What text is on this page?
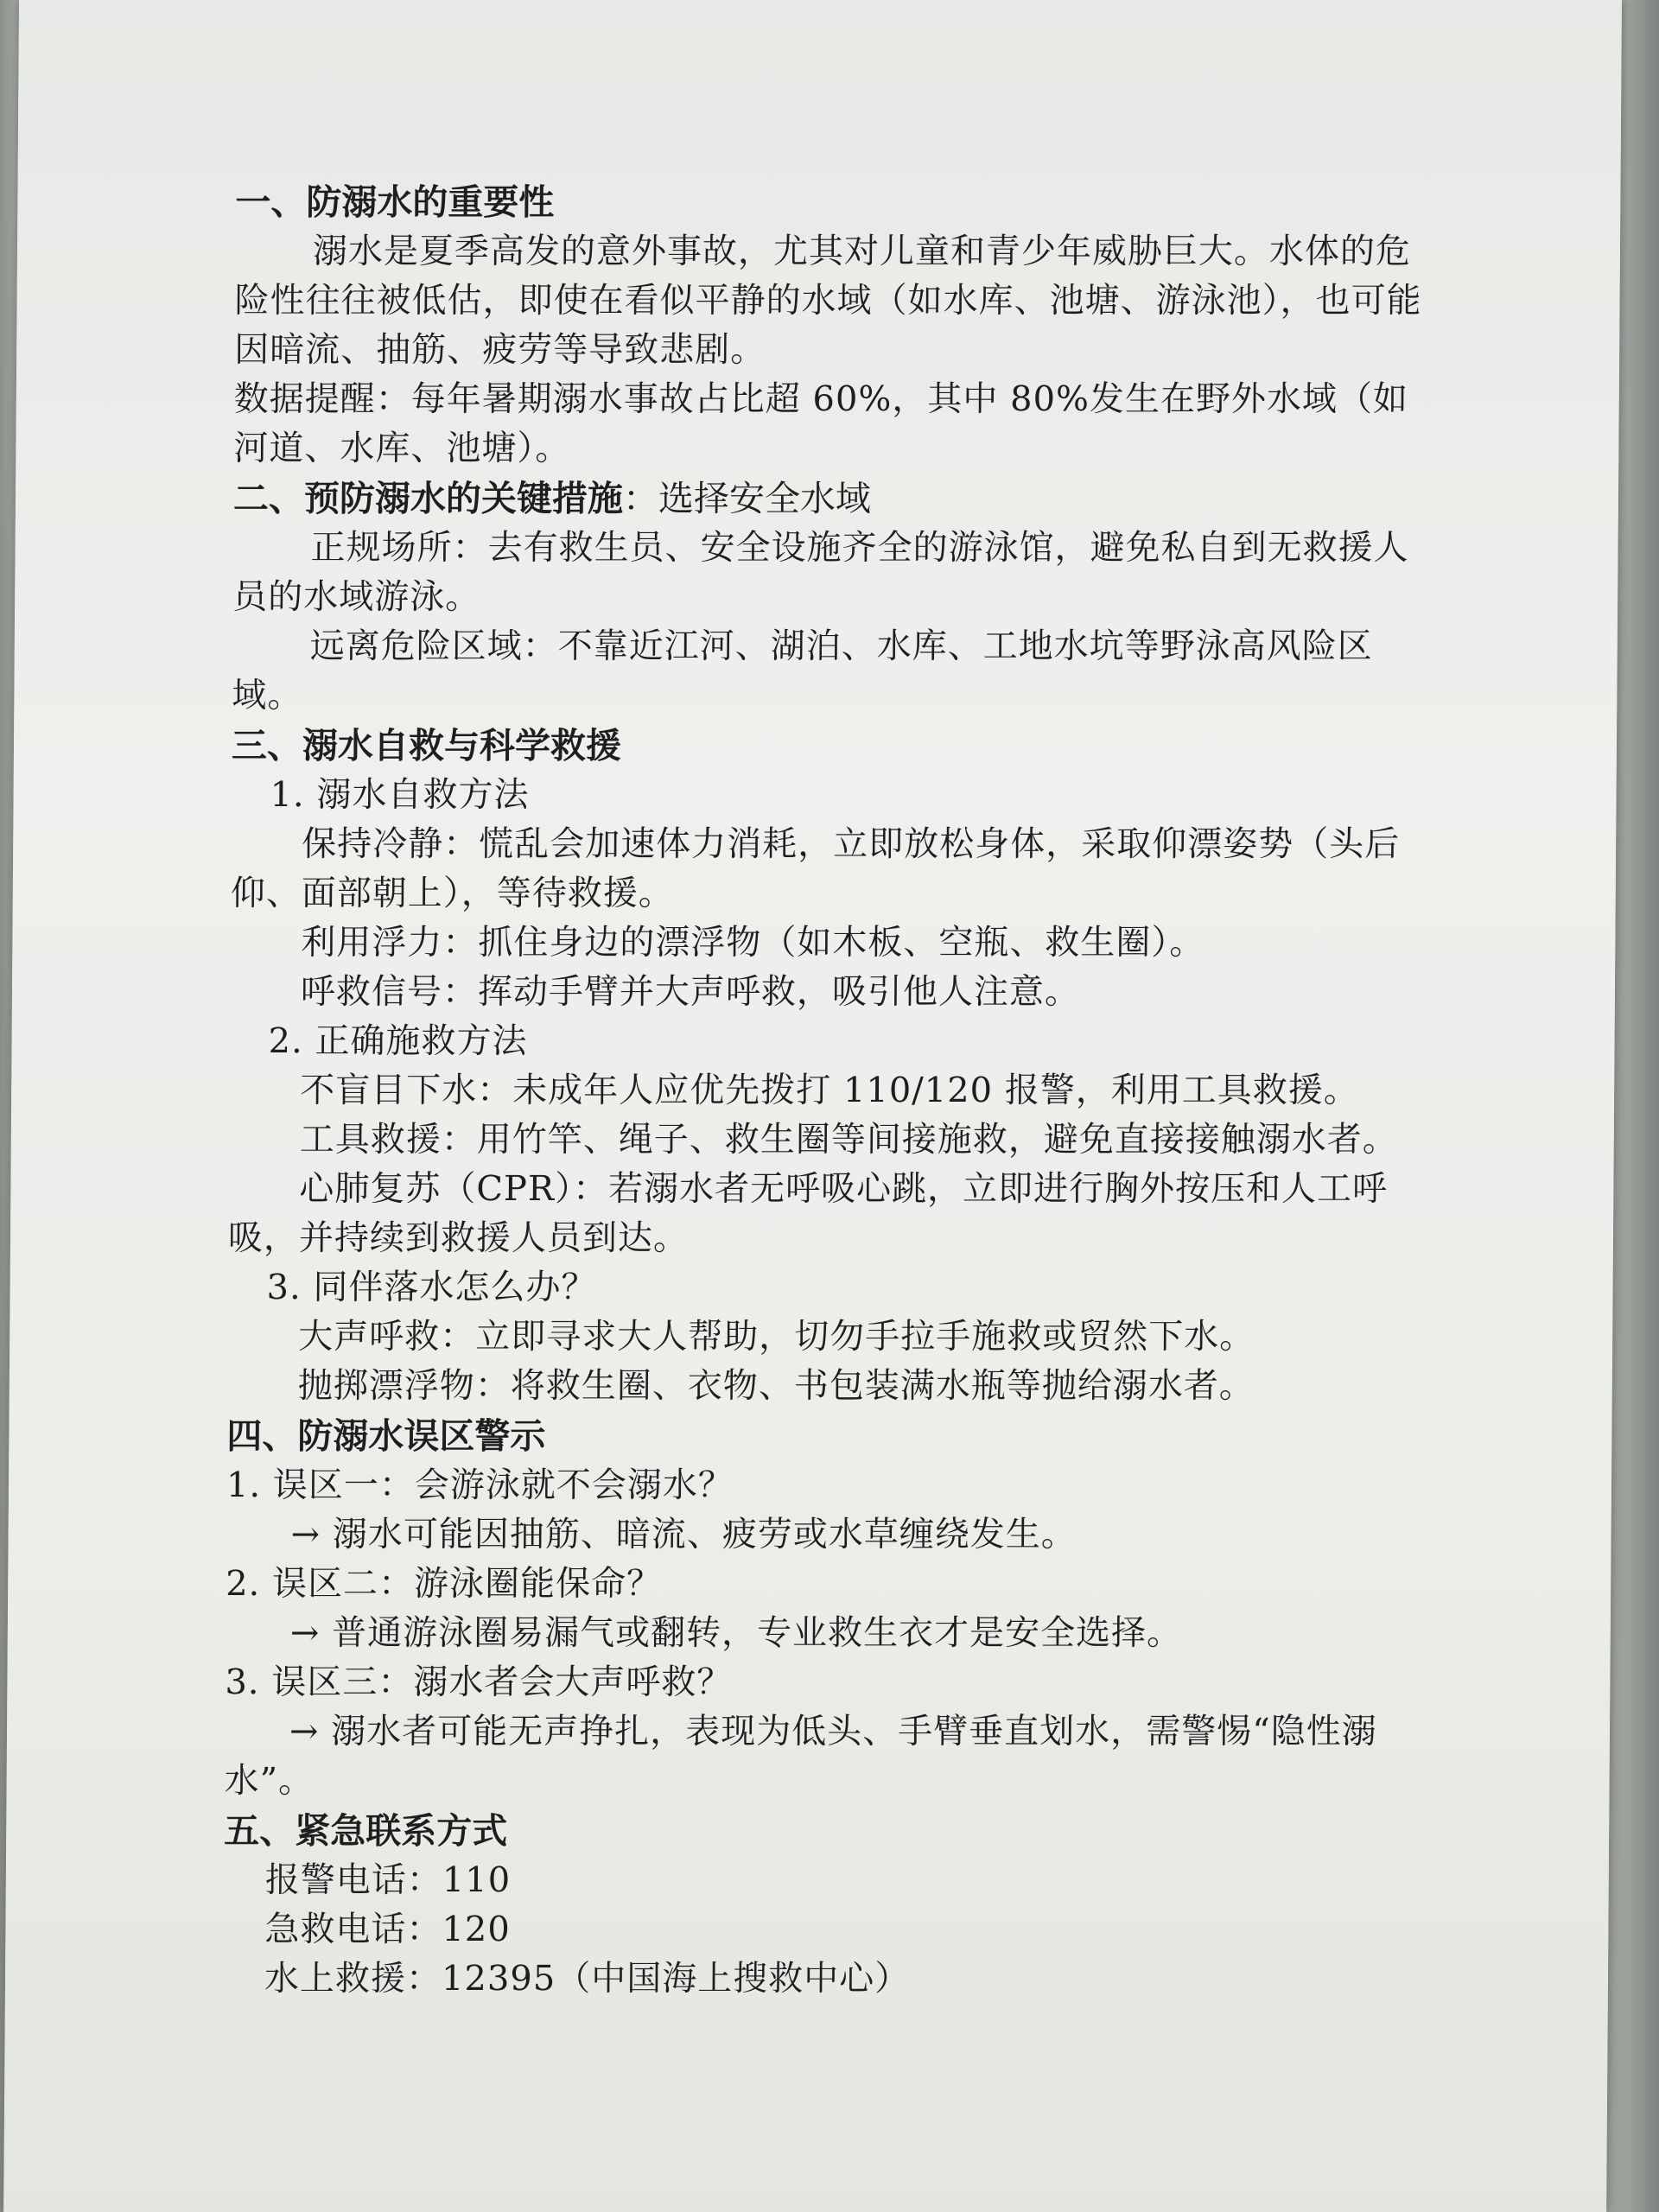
一、防溺水的重要性

溺水是夏季高发的意外事故，尤其对儿童和青少年威胁巨大。水体的危险性往往被低估，即使在看似平静的水域（如水库、池塘、游泳池），也可能因暗流、抽筋、疲劳等导致悲剧。

数据提醒：每年暑期溺水事故占比超 60%，其中 80%发生在野外水域（如河道、水库、池塘）。

二、预防溺水的关键措施：选择安全水域

正规场所：去有救生员、安全设施齐全的游泳馆，避免私自到无救援人员的水域游泳。

远离危险区域：不靠近江河、湖泊、水库、工地水坑等野泳高风险区域。

三、溺水自救与科学救援

1. 溺水自救方法

保持冷静：慌乱会加速体力消耗，立即放松身体，采取仰漂姿势（头后仰、面部朝上），等待救援。

利用浮力：抓住身边的漂浮物（如木板、空瓶、救生圈）。

呼救信号：挥动手臂并大声呼救，吸引他人注意。

2. 正确施救方法

不盲目下水：未成年人应优先拨打 110/120 报警，利用工具救援。

工具救援：用竹竿、绳子、救生圈等间接施救，避免直接接触溺水者。

心肺复苏（CPR）：若溺水者无呼吸心跳，立即进行胸外按压和人工呼吸，并持续到救援人员到达。

3. 同伴落水怎么办？

大声呼救：立即寻求大人帮助，切勿手拉手施救或贸然下水。

抛掷漂浮物：将救生圈、衣物、书包装满水瓶等抛给溺水者。

四、防溺水误区警示

1. 误区一：会游泳就不会溺水？

→ 溺水可能因抽筋、暗流、疲劳或水草缠绕发生。

2. 误区二：游泳圈能保命？

→ 普通游泳圈易漏气或翻转，专业救生衣才是安全选择。

3. 误区三：溺水者会大声呼救？

→ 溺水者可能无声挣扎，表现为低头、手臂垂直划水，需警惕“隐性溺水”。

五、紧急联系方式

报警电话：110

急救电话：120

水上救援：12395（中国海上搜救中心）
